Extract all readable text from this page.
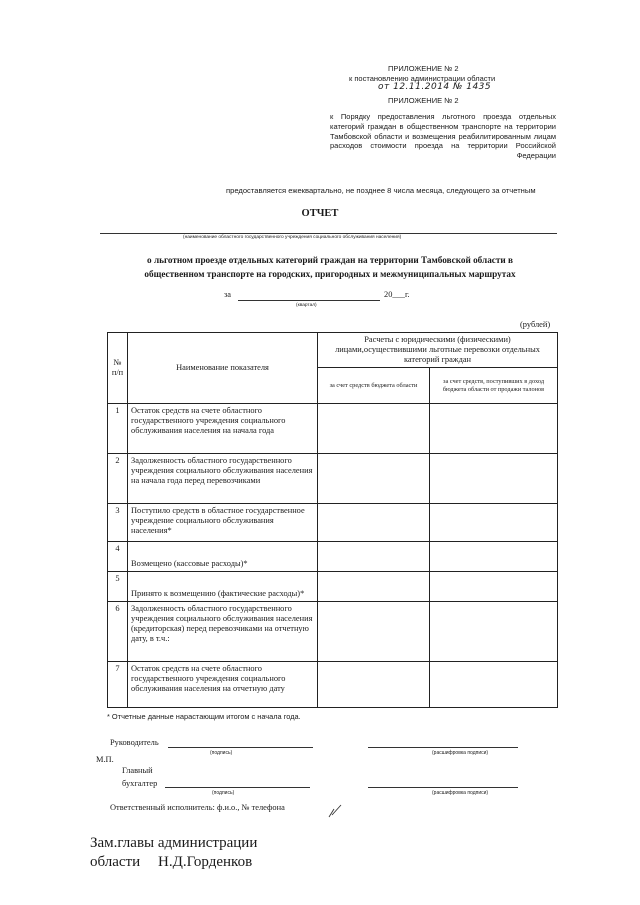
ПРИЛОЖЕНИЕ № 2
к постановлению администрации области
от 12.11.2014 № 1435
ПРИЛОЖЕНИЕ № 2
к Порядку предоставления льготного проезда отдельных категорий граждан в общественном транспорте на территории Тамбовской области и возмещения реабилитированным лицам расходов стоимости проезда на территории Российской Федерации
предоставляется ежеквартально, не позднее 8 числа месяца, следующего за отчетным
ОТЧЕТ
(наименование областного государственного учреждения социального обслуживания населения)
о льготном проезде отдельных категорий граждан на территории Тамбовской области в
общественном транспорте на городских, пригородных и межмуниципальных маршрутах
за	20___г.
(квартал)
(рублей)
№ п/п	Наименование показателя	Расчеты с юридическими (физическими) лицами,осуществившими льготные перевозки отдельных категорий граждан	
		за счет средств бюджета области	за счет средств, поступивших в доход бюджета области от продажи талонов
1	Остаток средств на счете областного государственного учреждения социального обслуживания населения на начала года		
2	Задолженность областного государственного учреждения социального обслуживания населения на начала года перед перевозчиками		
3	Поступило средств в областное государственное учреждение социального обслуживания населения*		
4	Возмещено (кассовые расходы)*		
5	Принято к возмещению (фактические расходы)*		
6	Задолженность областного государственного учреждения социального обслуживания населения (кредиторская) перед перевозчиками на отчетную дату, в т.ч.:		
7	Остаток средств на счете областного государственного учреждения социального обслуживания населения на отчетную дату		
* Отчетные данные нарастающим итогом с начала года.
Руководитель
(подпись)	(расшифровка подписи)
М.П.
Главный
бухгалтер
(подпись)	(расшифровка подписи)
Ответственный исполнитель: ф.и.о., № телефона
Зам.главы администрации
области Н.Д.Горденков
